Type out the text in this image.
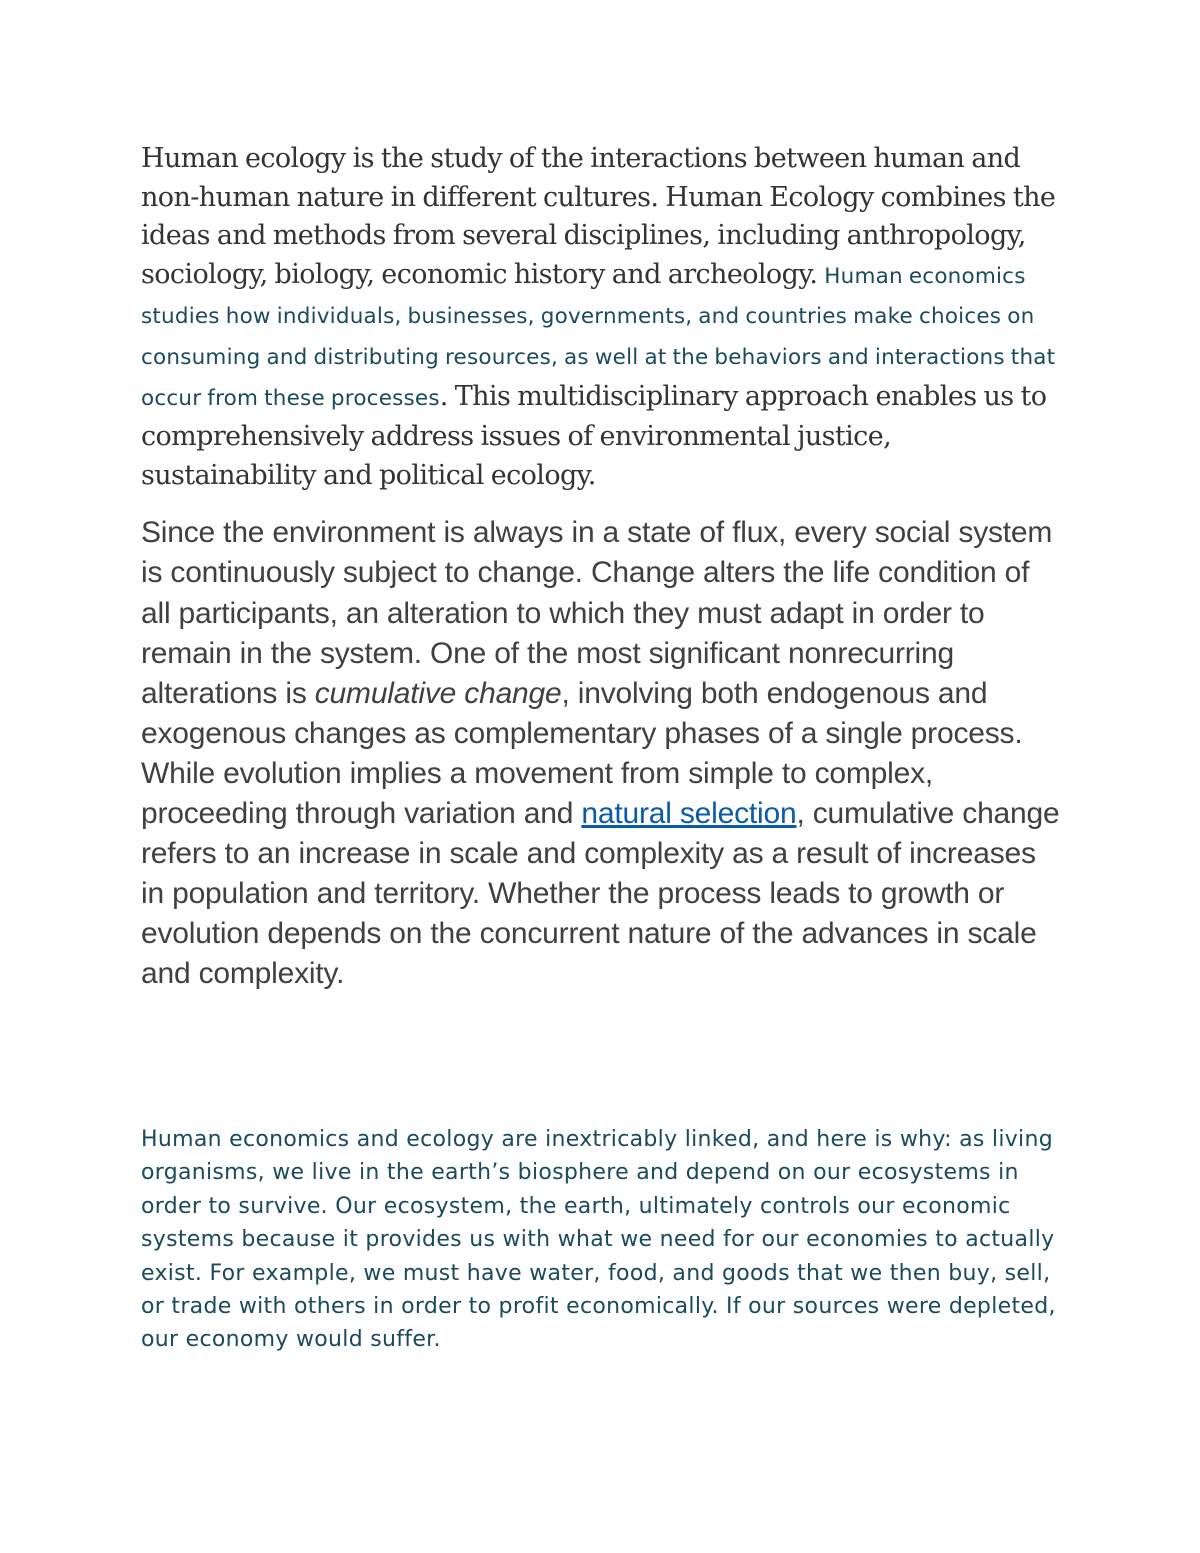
Human ecology is the study of the interactions between human and non-human nature in different cultures. Human Ecology combines the ideas and methods from several disciplines, including anthropology, sociology, biology, economic history and archeology. Human economics studies how individuals, businesses, governments, and countries make choices on consuming and distributing resources, as well at the behaviors and interactions that occur from these processes. This multidisciplinary approach enables us to comprehensively address issues of environmental justice, sustainability and political ecology.

Since the environment is always in a state of flux, every social system is continuously subject to change. Change alters the life condition of all participants, an alteration to which they must adapt in order to remain in the system. One of the most significant nonrecurring alterations is cumulative change, involving both endogenous and exogenous changes as complementary phases of a single process. While evolution implies a movement from simple to complex, proceeding through variation and natural selection, cumulative change refers to an increase in scale and complexity as a result of increases in population and territory. Whether the process leads to growth or evolution depends on the concurrent nature of the advances in scale and complexity.

Human economics and ecology are inextricably linked, and here is why: as living organisms, we live in the earth’s biosphere and depend on our ecosystems in order to survive. Our ecosystem, the earth, ultimately controls our economic systems because it provides us with what we need for our economies to actually exist. For example, we must have water, food, and goods that we then buy, sell, or trade with others in order to profit economically. If our sources were depleted, our economy would suffer.
